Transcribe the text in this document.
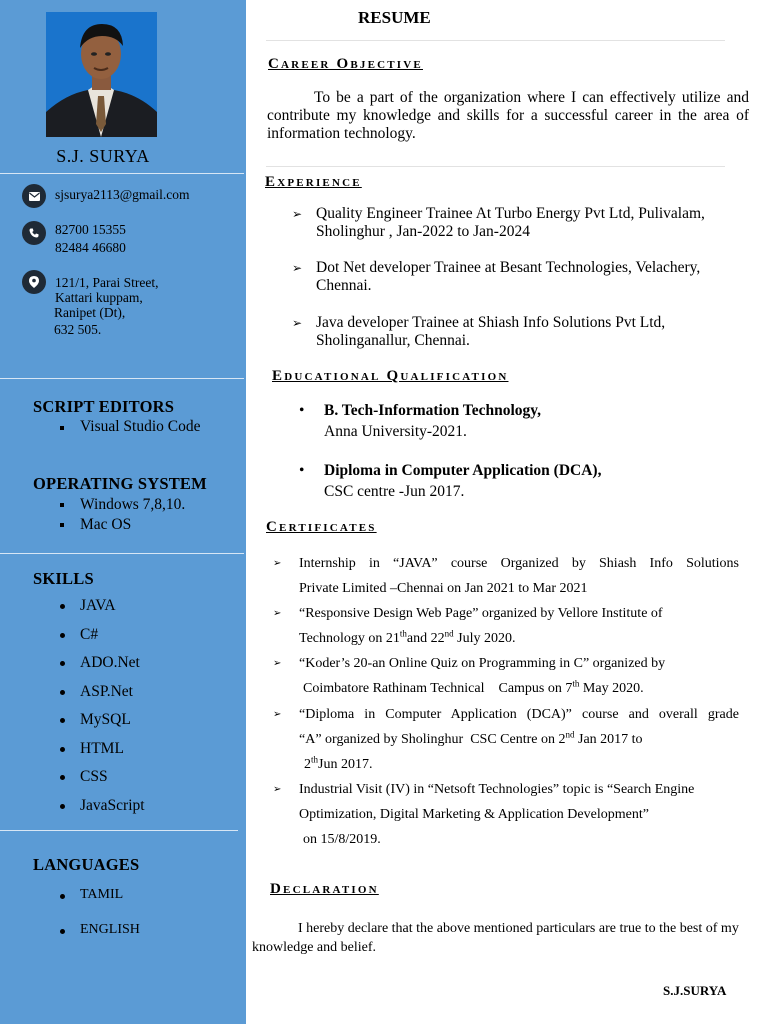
S.J. SURYA
sjsurya2113@gmail.com
82700 15355
82484 46680
121/1, Parai Street,
Kattari kuppam,
Ranipet (Dt),
632 505.
SCRIPT EDITORS
Visual Studio Code
OPERATING SYSTEM
Windows 7,8,10.
Mac OS
SKILLS
JAVA
C#
ADO.Net
ASP.Net
MySQL
HTML
CSS
JavaScript
LANGUAGES
TAMIL
ENGLISH
RESUME
Career Objective
To be a part of the organization where I can effectively utilize and contribute my knowledge and skills for a successful career in the area of information technology.
Experience
➢ Quality Engineer Trainee At Turbo Energy Pvt Ltd, Pulivalam, Sholinghur , Jan-2022 to Jan-2024
➢ Dot Net developer Trainee at Besant Technologies, Velachery, Chennai.
➢ Java developer Trainee at Shiash Info Solutions Pvt Ltd, Sholinganallur, Chennai.
Educational Qualification
•	B. Tech-Information Technology,
Anna University-2021.
•	Diploma in Computer Application (DCA),
CSC centre -Jun 2017.
Certificates
➢ Internship in “JAVA” course Organized by Shiash Info Solutions
Private Limited –Chennai on Jan 2021 to Mar 2021
➢ “Responsive Design Web Page” organized by Vellore Institute of
Technology on 21thand 22nd July 2020.
➢ “Koder’s 20-an Online Quiz on Programming in C” organized by
Coimbatore Rathinam Technical    Campus on 7th May 2020.
➢ “Diploma in Computer Application (DCA)” course and overall grade
“A” organized by Sholinghur  CSC Centre on 2nd Jan 2017 to
2thJun 2017.
➢ Industrial Visit (IV) in “Netsoft Technologies” topic is “Search Engine
Optimization, Digital Marketing & Application Development”
on 15/8/2019.
Declaration
I hereby declare that the above mentioned particulars are true to the best of my knowledge and belief.
S.J.SURYA
